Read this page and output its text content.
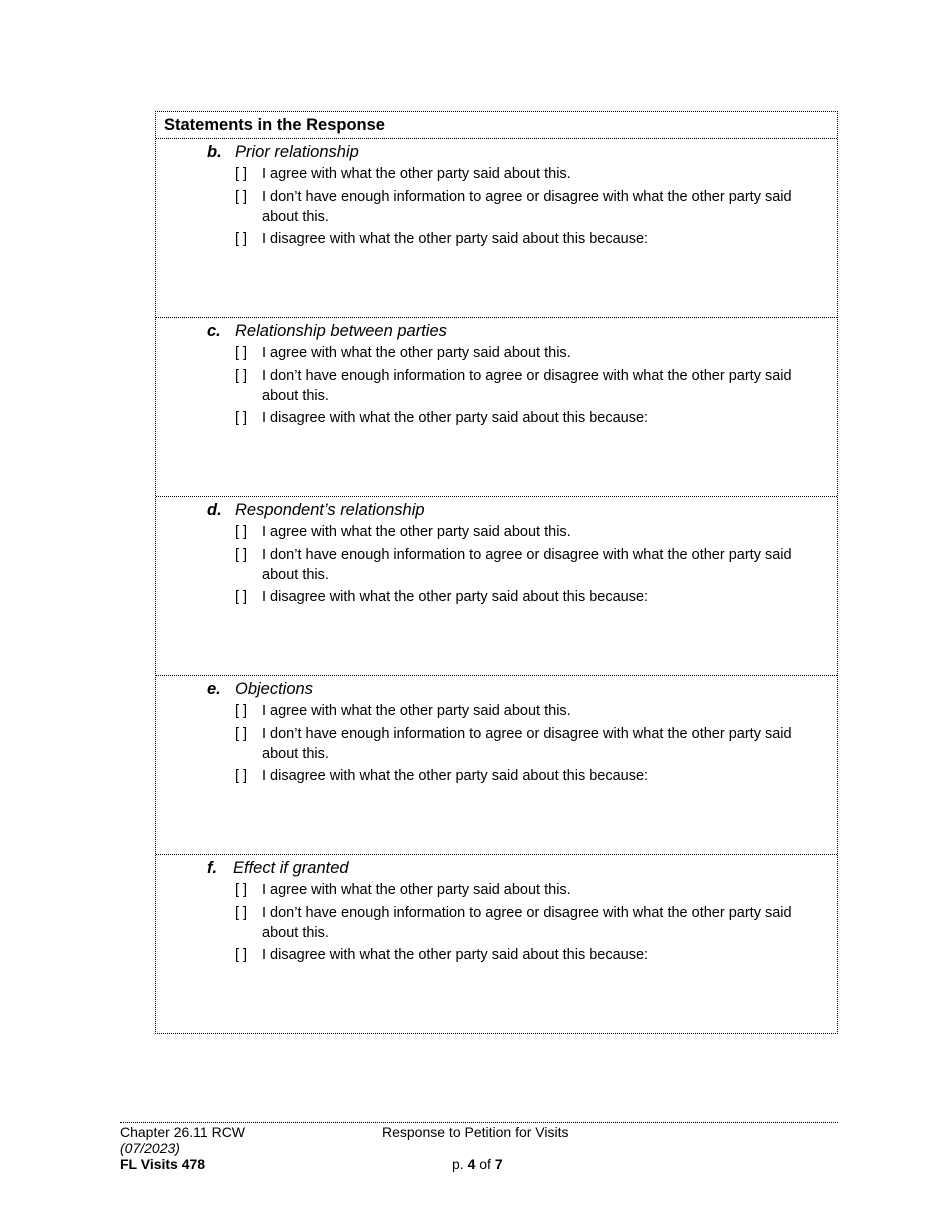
Statements in the Response
b. Prior relationship
[ ] I agree with what the other party said about this.
[ ] I don’t have enough information to agree or disagree with what the other party said about this.
[ ] I disagree with what the other party said about this because:
c. Relationship between parties
[ ] I agree with what the other party said about this.
[ ] I don’t have enough information to agree or disagree with what the other party said about this.
[ ] I disagree with what the other party said about this because:
d. Respondent’s relationship
[ ] I agree with what the other party said about this.
[ ] I don’t have enough information to agree or disagree with what the other party said about this.
[ ] I disagree with what the other party said about this because:
e. Objections
[ ] I agree with what the other party said about this.
[ ] I don’t have enough information to agree or disagree with what the other party said about this.
[ ] I disagree with what the other party said about this because:
f. Effect if granted
[ ] I agree with what the other party said about this.
[ ] I don’t have enough information to agree or disagree with what the other party said about this.
[ ] I disagree with what the other party said about this because:
Chapter 26.11 RCW
(07/2023)
FL Visits 478
Response to Petition for Visits
p. 4 of 7
